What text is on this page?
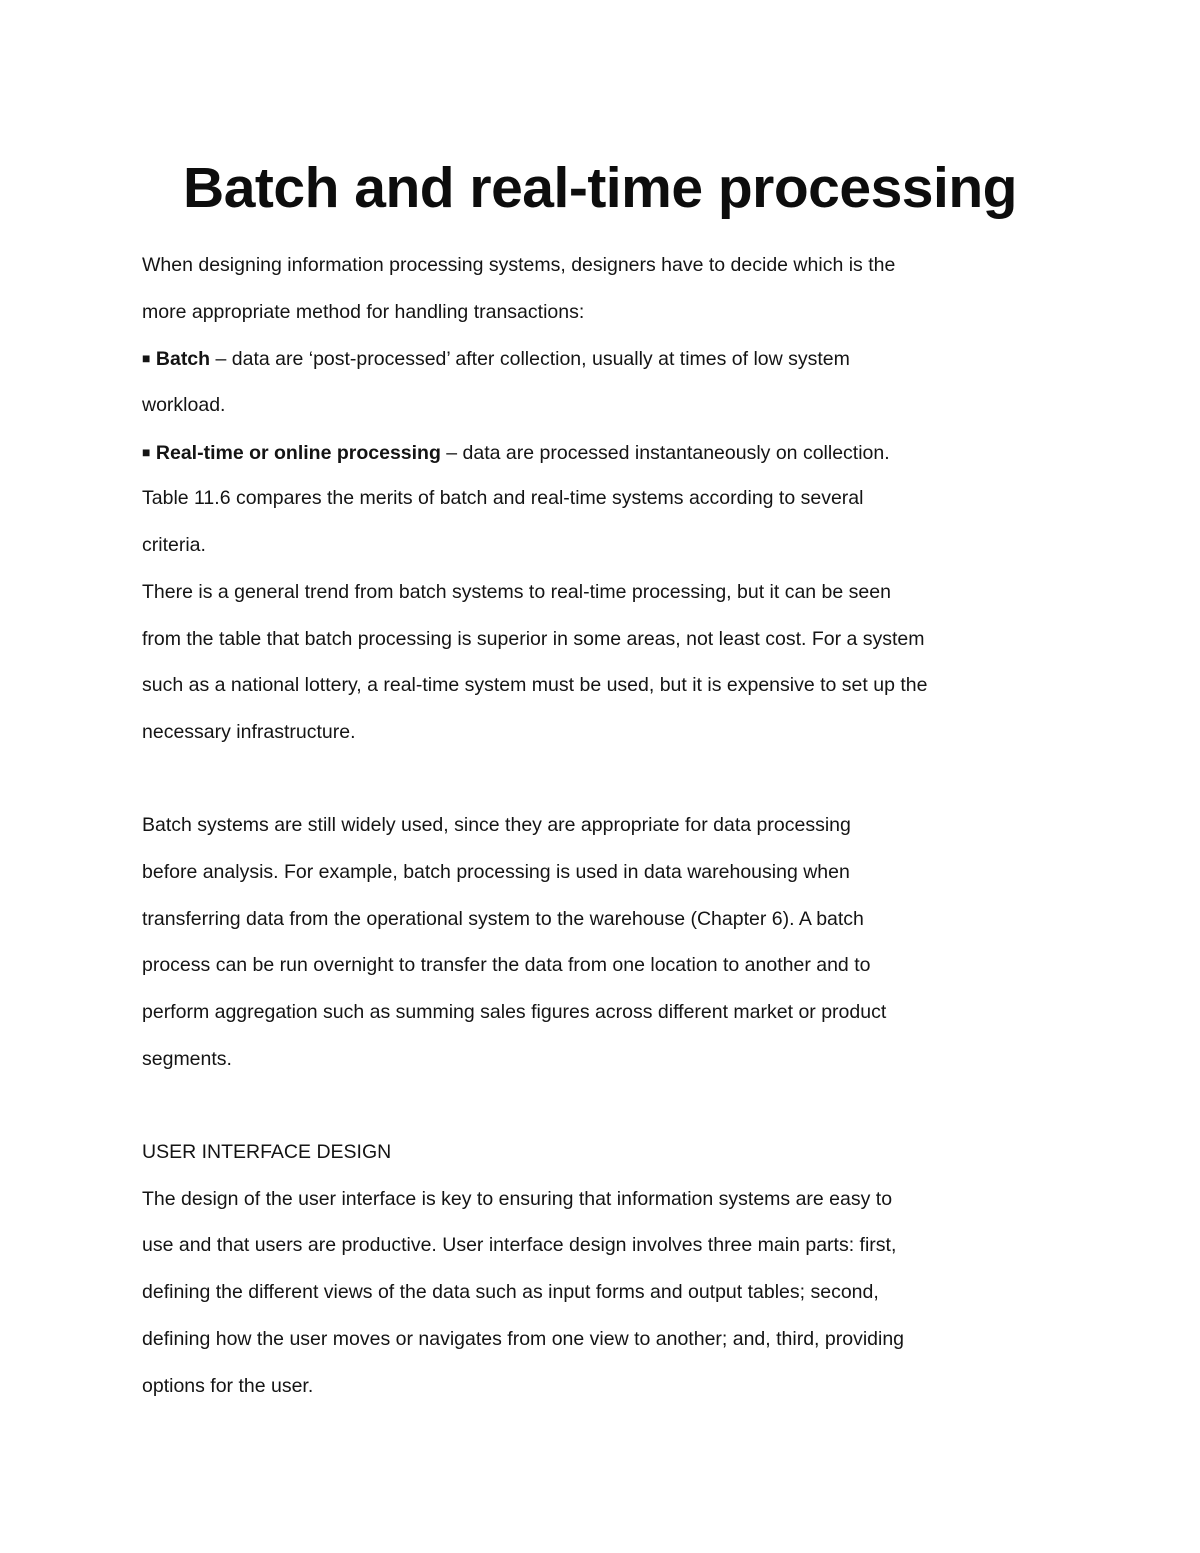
Batch and real-time processing
When designing information processing systems, designers have to decide which is the
more appropriate method for handling transactions:
■ Batch – data are ‘post-processed’ after collection, usually at times of low system
workload.
■ Real-time or online processing – data are processed instantaneously on collection.
Table 11.6 compares the merits of batch and real-time systems according to several
criteria.
There is a general trend from batch systems to real-time processing, but it can be seen
from the table that batch processing is superior in some areas, not least cost. For a system
such as a national lottery, a real-time system must be used, but it is expensive to set up the
necessary infrastructure.
Batch systems are still widely used, since they are appropriate for data processing
before analysis. For example, batch processing is used in data warehousing when
transferring data from the operational system to the warehouse (Chapter 6). A batch
process can be run overnight to transfer the data from one location to another and to
perform aggregation such as summing sales figures across different market or product
segments.
USER INTERFACE DESIGN
The design of the user interface is key to ensuring that information systems are easy to
use and that users are productive. User interface design involves three main parts: first,
defining the different views of the data such as input forms and output tables; second,
defining how the user moves or navigates from one view to another; and, third, providing
options for the user.
